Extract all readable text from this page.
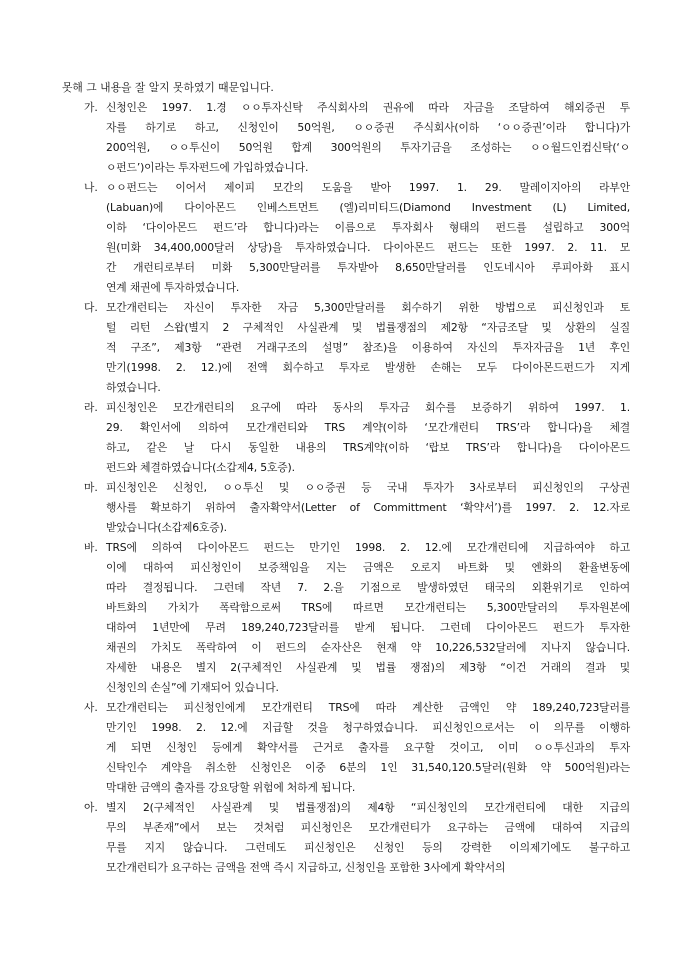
못해 그 내용을 잘 알지 못하였기 때문입니다.
가. 신청인은 1997. 1.경 ㅇㅇ투자신탁 주식회사의 권유에 따라 자금을 조달하여 해외증권 투
자를 하기로 하고, 신청인이 50억원, ㅇㅇ증권 주식회사(이하 ‘ㅇㅇ증권’이라 합니다)가
200억원, ㅇㅇ투신이 50억원 합계 300억원의 투자기금을 조성하는 ㅇㅇ월드인컴신탁(‘ㅇ
ㅇ펀드’)이라는 투자펀드에 가입하였습니다.
나. ㅇㅇ펀드는 이어서 제이피 모간의 도움을 받아 1997. 1. 29. 말레이지아의 라부안
(Labuan)에 다이아몬드 인베스트먼트 (엘)리미티드(Diamond Investment (L) Limited,
이하 ‘다이아몬드 펀드’라 합니다)라는 이름으로 투자회사 형태의 펀드를 설립하고 300억
원(미화 34,400,000달러 상당)을 투자하였습니다. 다이아몬드 펀드는 또한 1997. 2. 11. 모
간 개런티로부터 미화 5,300만달러를 투자받아 8,650만달러를 인도네시아 루피아화 표시
연계 채권에 투자하였습니다.
다. 모간개런티는 자신이 투자한 자금 5,300만달러를 회수하기 위한 방법으로 피신청인과 토
털 리턴 스왑(별지 2 구체적인 사실관계 및 법률쟁점의 제2항 “자금조달 및 상환의 실질
적 구조”, 제3항 “관련 거래구조의 설명” 참조)을 이용하여 자신의 투자자금을 1년 후인
만기(1998. 2. 12.)에 전액 회수하고 투자로 발생한 손해는 모두 다이아몬드펀드가 지게
하였습니다.
라. 피신청인은 모간개런티의 요구에 따라 동사의 투자금 회수를 보증하기 위하여 1997. 1.
29. 확인서에 의하여 모간개런티와 TRS 계약(이하 ‘모간개런티 TRS’라 합니다)을 체결
하고, 같은 날 다시 동일한 내용의 TRS계약(이하 ‘랍보 TRS’라 합니다)을 다이아몬드
펀드와 체결하였습니다(소갑제4, 5호증).
마. 피신청인은 신청인, ㅇㅇ투신 및 ㅇㅇ증권 등 국내 투자가 3사로부터 피신청인의 구상권
행사를 확보하기 위하여 출자확약서(Letter of Committment ‘확약서’)를 1997. 2. 12.자로
받았습니다(소갑제6호증).
바. TRS에 의하여 다이아몬드 펀드는 만기인 1998. 2. 12.에 모간개런티에 지급하여야 하고
이에 대하여 피신청인이 보증책임을 지는 금액은 오로지 바트화 및 엔화의 환율변동에
따라 결정됩니다. 그런데 작년 7. 2.을 기점으로 발생하였던 태국의 외환위기로 인하여
바트화의 가치가 폭락함으로써 TRS에 따르면 모간개런티는 5,300만달러의 투자원본에
대하여 1년만에 무려 189,240,723달러를 받게 됩니다. 그런데 다이아몬드 펀드가 투자한
채권의 가치도 폭락하여 이 펀드의 순자산은 현재 약 10,226,532달러에 지나지 않습니다.
자세한 내용은 별지 2(구체적인 사실관계 및 법률 쟁점)의 제3항 “이건 거래의 결과 및
신청인의 손실”에 기재되어 있습니다.
사. 모간개런티는 피신청인에게 모간개런티 TRS에 따라 계산한 금액인 약 189,240,723달러를
만기인 1998. 2. 12.에 지급할 것을 청구하였습니다. 피신청인으로서는 이 의무를 이행하
게 되면 신청인 등에게 확약서를 근거로 출자를 요구할 것이고, 이미 ㅇㅇ투신과의 투자
신탁인수 계약을 취소한 신청인은 이중 6분의 1인 31,540,120.5달러(원화 약 500억원)라는
막대한 금액의 출자를 강요당할 위험에 처하게 됩니다.
아. 별지 2(구체적인 사실관계 및 법률쟁점)의 제4항 “피신청인의 모간개런티에 대한 지급의
무의 부존재”에서 보는 것처럼 피신청인은 모간개런티가 요구하는 금액에 대하여 지급의
무를 지지 않습니다. 그런데도 피신청인은 신청인 등의 강력한 이의제기에도 불구하고
모간개런티가 요구하는 금액을 전액 즉시 지급하고, 신청인을 포함한 3사에게 확약서의
